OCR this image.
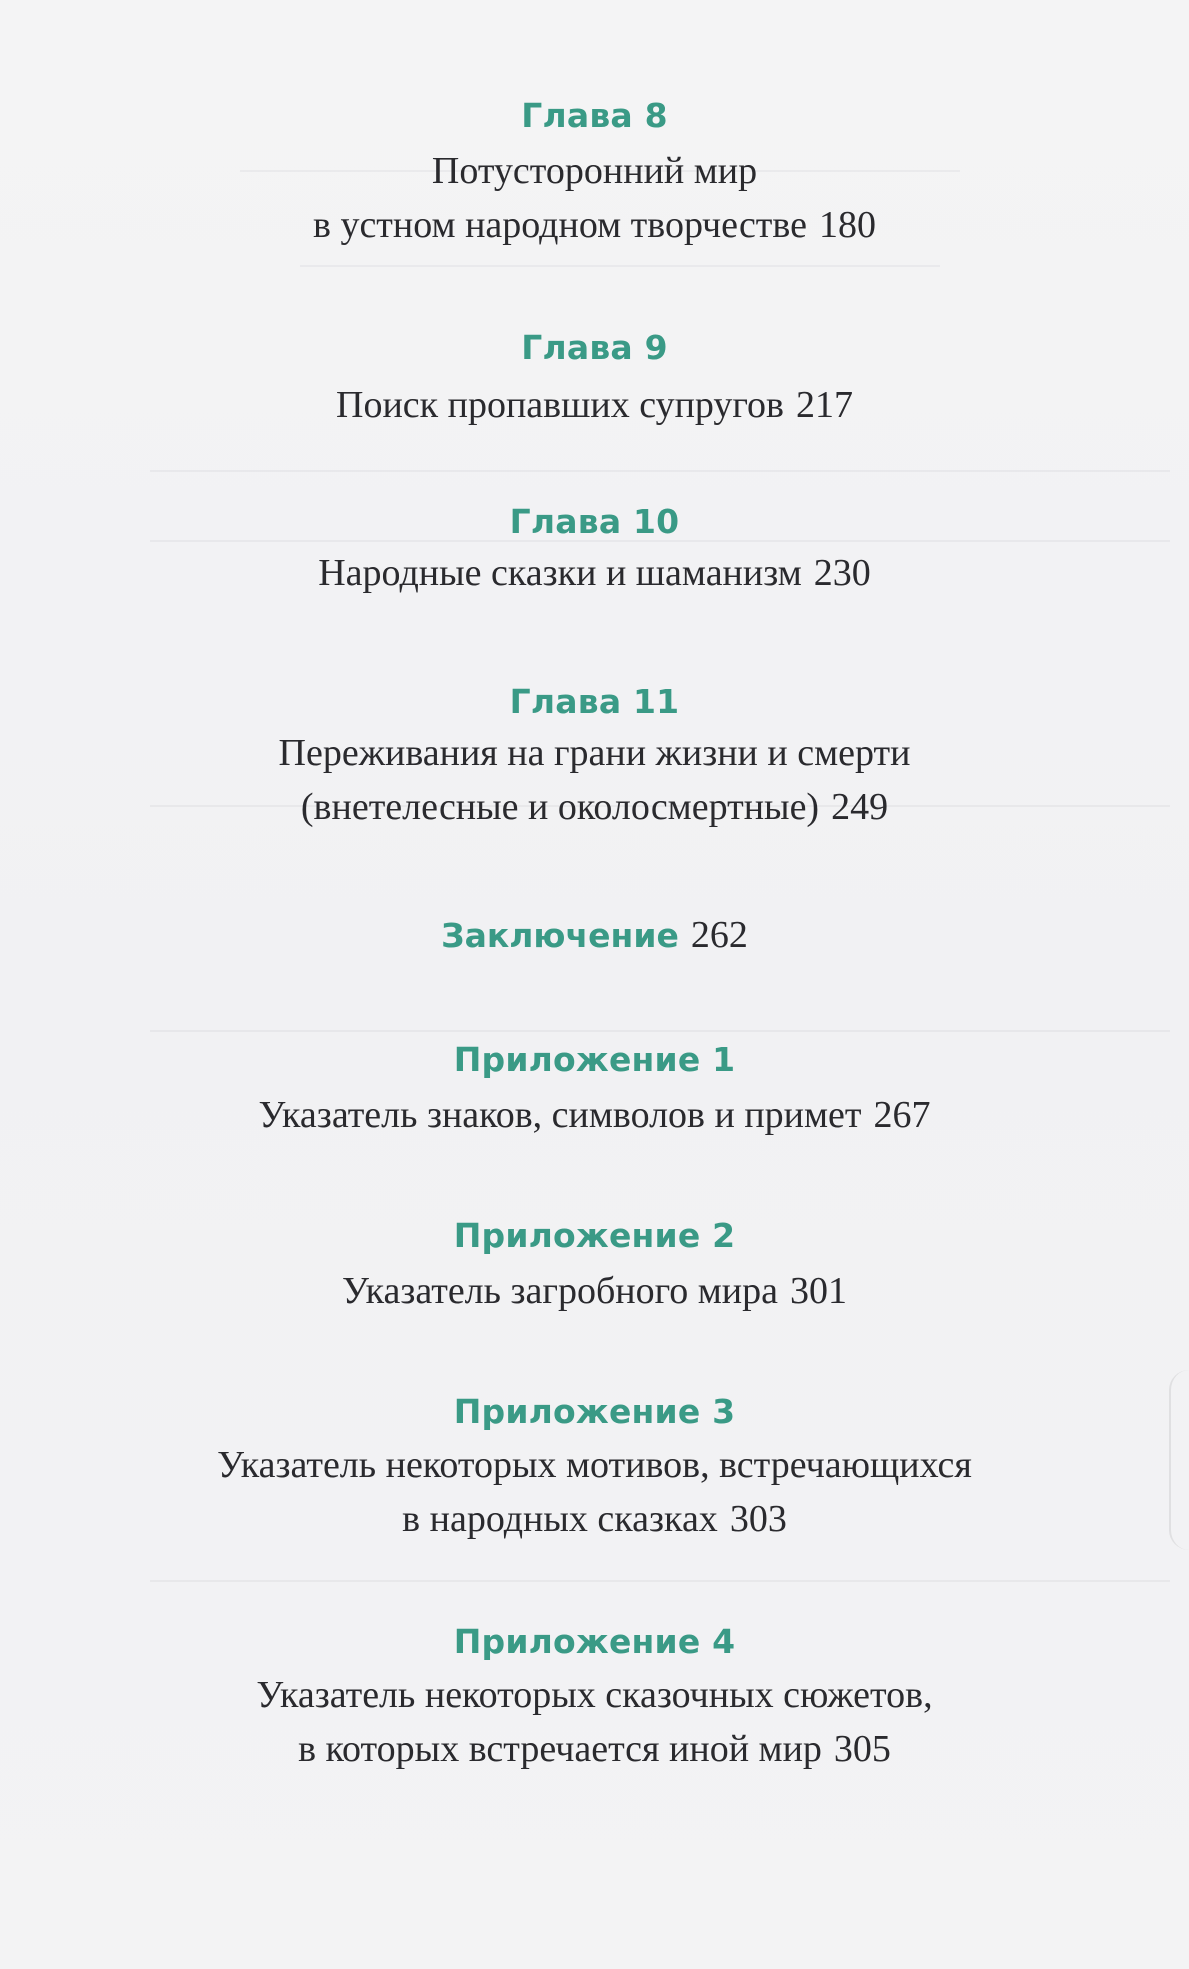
Глава 8
Потусторонний мир
в устном народном творчестве 180
Глава 9
Поиск пропавших супругов 217
Глава 10
Народные сказки и шаманизм 230
Глава 11
Переживания на грани жизни и смерти
(внетелесные и околосмертные) 249
Заключение 262
Приложение 1
Указатель знаков, символов и примет 267
Приложение 2
Указатель загробного мира 301
Приложение 3
Указатель некоторых мотивов, встречающихся
в народных сказках 303
Приложение 4
Указатель некоторых сказочных сюжетов,
в которых встречается иной мир 305
